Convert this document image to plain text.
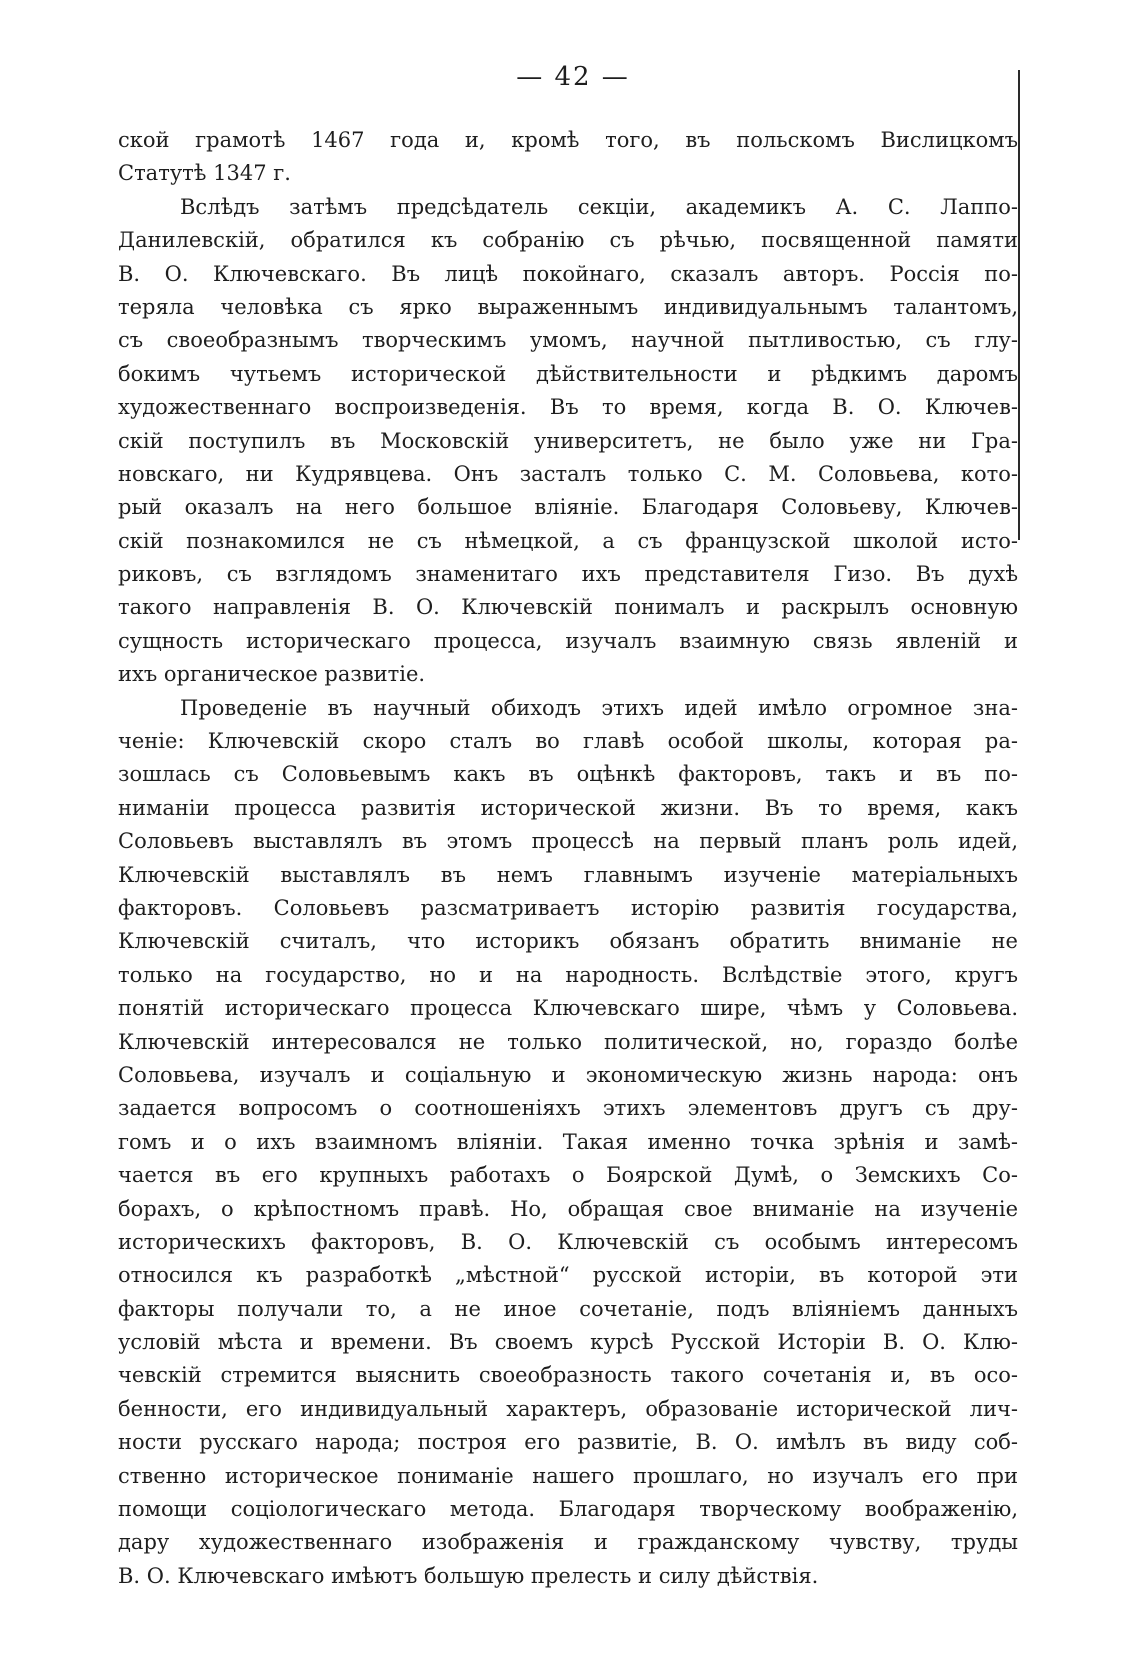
— 42 —
ской грамотѣ 1467 года и, кромѣ того, въ польскомъ Вислицкомъ
Статутѣ 1347 г.
Вслѣдъ затѣмъ предсѣдатель секціи, академикъ А. С. Лаппо-
Данилевскій, обратился къ собранію съ рѣчью, посвященной памяти
В. О. Ключевскаго. Въ лицѣ покойнаго, сказалъ авторъ. Россія по-
теряла человѣка съ ярко выраженнымъ индивидуальнымъ талантомъ,
съ своеобразнымъ творческимъ умомъ, научной пытливостью, съ глу-
бокимъ чутьемъ исторической дѣйствительности и рѣдкимъ даромъ
художественнаго воспроизведенія. Въ то время, когда В. О. Ключев-
скій поступилъ въ Московскій университетъ, не было уже ни Гра-
новскаго, ни Кудрявцева. Онъ засталъ только С. М. Соловьева, кото-
рый оказалъ на него большое вліяніе. Благодаря Соловьеву, Ключев-
скій познакомился не съ нѣмецкой, а съ французской школой исто-
риковъ, съ взглядомъ знаменитаго ихъ представителя Гизо. Въ духѣ
такого направленія В. О. Ключевскій понималъ и раскрылъ основную
сущность историческаго процесса, изучалъ взаимную связь явленій и
ихъ органическое развитіе.
Проведеніе въ научный обиходъ этихъ идей имѣло огромное зна-
ченіе: Ключевскій скоро сталъ во главѣ особой школы, которая ра-
зошлась съ Соловьевымъ какъ въ оцѣнкѣ факторовъ, такъ и въ по-
ниманіи процесса развитія исторической жизни. Въ то время, какъ
Соловьевъ выставлялъ въ этомъ процессѣ на первый планъ роль идей,
Ключевскій выставлялъ въ немъ главнымъ изученіе матеріальныхъ
факторовъ. Соловьевъ разсматриваетъ исторію развитія государства,
Ключевскій считалъ, что историкъ обязанъ обратить вниманіе не
только на государство, но и на народность. Вслѣдствіе этого, кругъ
понятій историческаго процесса Ключевскаго шире, чѣмъ у Соловьева.
Ключевскій интересовался не только политической, но, гораздо болѣе
Соловьева, изучалъ и соціальную и экономическую жизнь народа: онъ
задается вопросомъ о соотношеніяхъ этихъ элементовъ другъ съ дру-
гомъ и о ихъ взаимномъ вліяніи. Такая именно точка зрѣнія и замѣ-
чается въ его крупныхъ работахъ о Боярской Думѣ, о Земскихъ Со-
борахъ, о крѣпостномъ правѣ. Но, обращая свое вниманіе на изученіе
историческихъ факторовъ, В. О. Ключевскій съ особымъ интересомъ
относился къ разработкѣ „мѣстной“ русской исторіи, въ которой эти
факторы получали то, а не иное сочетаніе, подъ вліяніемъ данныхъ
условій мѣста и времени. Въ своемъ курсѣ Русской Исторіи В. О. Клю-
чевскій стремится выяснить своеобразность такого сочетанія и, въ осо-
бенности, его индивидуальный характеръ, образованіе исторической лич-
ности русскаго народа; построя его развитіе, В. О. имѣлъ въ виду соб-
ственно историческое пониманіе нашего прошлаго, но изучалъ его при
помощи соціологическаго метода. Благодаря творческому воображенію,
дару художественнаго изображенія и гражданскому чувству, труды
В. О. Ключевскаго имѣютъ большую прелесть и силу дѣйствія.
